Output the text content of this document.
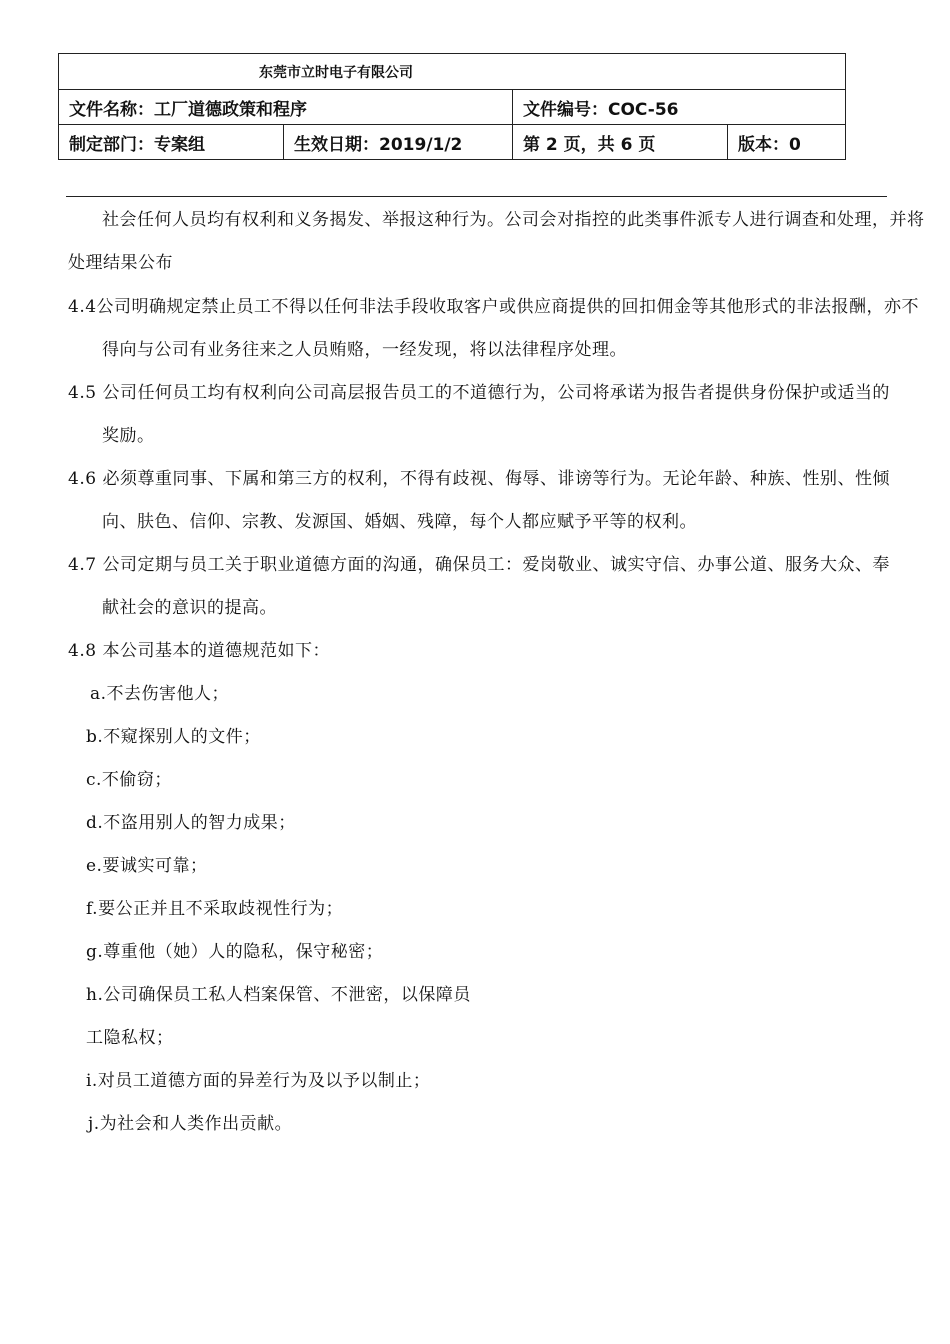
东莞市立时电子有限公司			
文件名称：工厂道德政策和程序		文件编号：COC-56	
制定部门：专案组	生效日期：2019/1/2	第 2 页，共 6 页	版本：0
社会任何人员均有权利和义务揭发、举报这种行为。公司会对指控的此类事件派专人进行调查和处理，并将
处理结果公布
4.4公司明确规定禁止员工不得以任何非法手段收取客户或供应商提供的回扣佣金等其他形式的非法报酬，亦不
得向与公司有业务往来之人员贿赂，一经发现，将以法律程序处理。
4.5 公司任何员工均有权利向公司高层报告员工的不道德行为，公司将承诺为报告者提供身份保护或适当的
奖励。
4.6 必须尊重同事、下属和第三方的权利，不得有歧视、侮辱、诽谤等行为。无论年龄、种族、性别、性倾
向、肤色、信仰、宗教、发源国、婚姻、残障，每个人都应赋予平等的权利。
4.7 公司定期与员工关于职业道德方面的沟通，确保员工：爱岗敬业、诚实守信、办事公道、服务大众、奉
献社会的意识的提高。
4.8 本公司基本的道德规范如下：
a.不去伤害他人；
b.不窥探别人的文件；
c.不偷窃；
d.不盗用别人的智力成果；
e.要诚实可靠；
f.要公正并且不采取歧视性行为；
g.尊重他（她）人的隐私，保守秘密；
h.公司确保员工私人档案保管、不泄密，以保障员
工隐私权；
i.对员工道德方面的异差行为及以予以制止；
j.为社会和人类作出贡献。
